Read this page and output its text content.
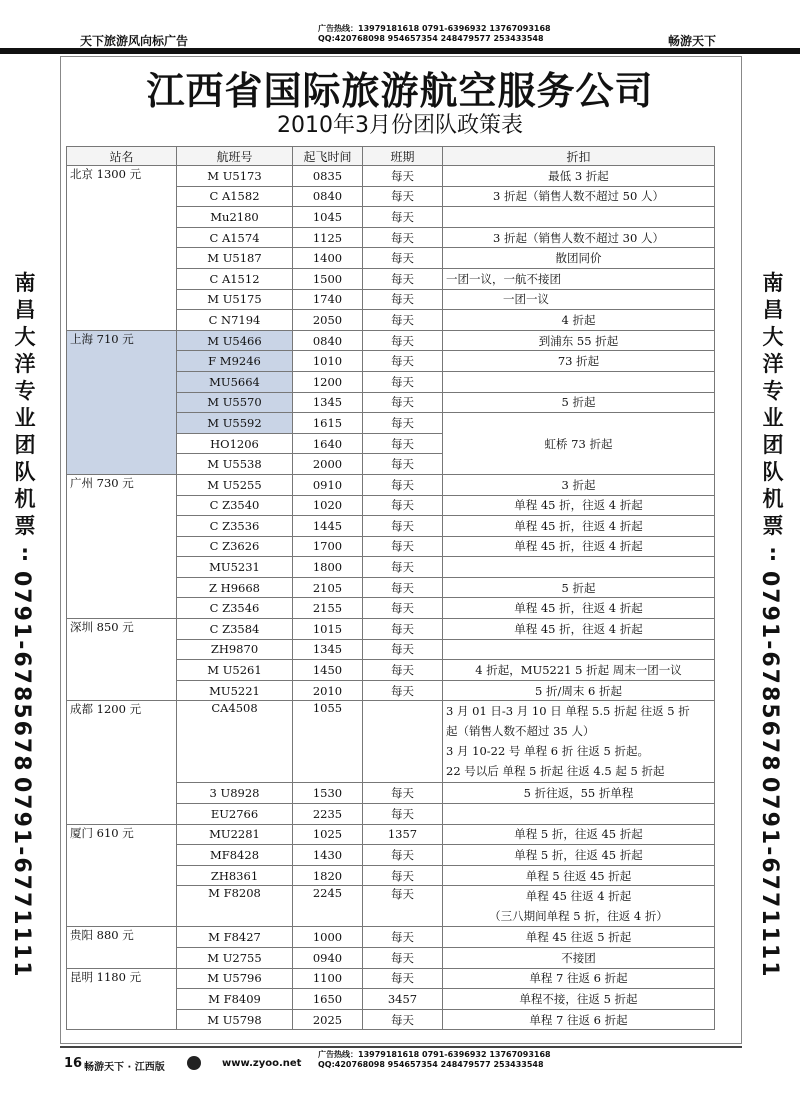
天下旅游风向标广告
广告热线：13979181618 0791-6396932 13767093168
QQ:420768098 954657354 248479577 253433548	畅游天下
江西省国际旅游航空服务公司
2010年3月份团队政策表
南
昌
大
洋
专
业
团
队
机
票
:
0791-6785678
0791-6771111
南
昌
大
洋
专
业
团
队
机
票
:
0791-6785678
0791-6771111
站名	航班号	起飞时间	班期	折扣
北京 1300 元	M U5173	0835	每天	最低 3 折起
	C A1582	0840	每天	3 折起（销售人数不超过 50 人）
	Mu2180	1045	每天	
	C A1574	1125	每天	3 折起（销售人数不超过 30 人）
	M U5187	1400	每天	散团同价
	C A1512	1500	每天	一团一议，一航不接团
	M U5175	1740	每天	一团一议
	C N7194	2050	每天	4 折起
上海 710 元	M U5466	0840	每天	到浦东 55 折起
	F M9246	1010	每天	73 折起
	MU5664	1200	每天	
	M U5570	1345	每天	5 折起
	M U5592	1615	每天	虹桥 73 折起
	HO1206	1640	每天	
	M U5538	2000	每天	
广州 730 元	M U5255	0910	每天	3 折起
	C Z3540	1020	每天	单程 45 折，往返 4 折起
	C Z3536	1445	每天	单程 45 折，往返 4 折起
	C Z3626	1700	每天	单程 45 折，往返 4 折起
	MU5231	1800	每天	
	Z H9668	2105	每天	5 折起
	C Z3546	2155	每天	单程 45 折，往返 4 折起
深圳 850 元	C Z3584	1015	每天	单程 45 折，往返 4 折起
	ZH9870	1345	每天	
	M U5261	1450	每天	4 折起，MU5221 5 折起 周末一团一议
	MU5221	2010	每天	5 折/周末 6 折起
成都 1200 元	CA4508	1055		3 月 01 日-3 月 10 日 单程 5.5 折起 往返 5 折
起（销售人数不超过 35 人）
3 月 10-22 号 单程 6 折 往返 5 折起。
22 号以后 单程 5 折起 往返 4.5 起 5 折起

	3 U8928	1530	每天	5 折往返，55 折单程
	EU2766	2235	每天	
厦门 610 元	MU2281	1025	1357	单程 5 折，往返 45 折起
	MF8428	1430	每天	单程 5 折，往返 45 折起
	ZH8361	1820	每天	单程 5 往返 45 折起
	M F8208	2245	每天	单程 45 往返 4 折起
（三八期间单程 5 折，往返 4 折）

贵阳 880 元	M F8427	1000	每天	单程 45 往返 5 折起
	M U2755	0940	每天	不接团
昆明 1180 元	M U5796	1100	每天	单程 7 往返 6 折起
	M F8409	1650	3457	单程不接，往返 5 折起
	M U5798	2025	每天	单程 7 往返 6 折起
16 畅游天下 · 江西版	www.zyoo.net
广告热线：13979181618 0791-6396932 13767093168
QQ:420768098 954657354 248479577 253433548
